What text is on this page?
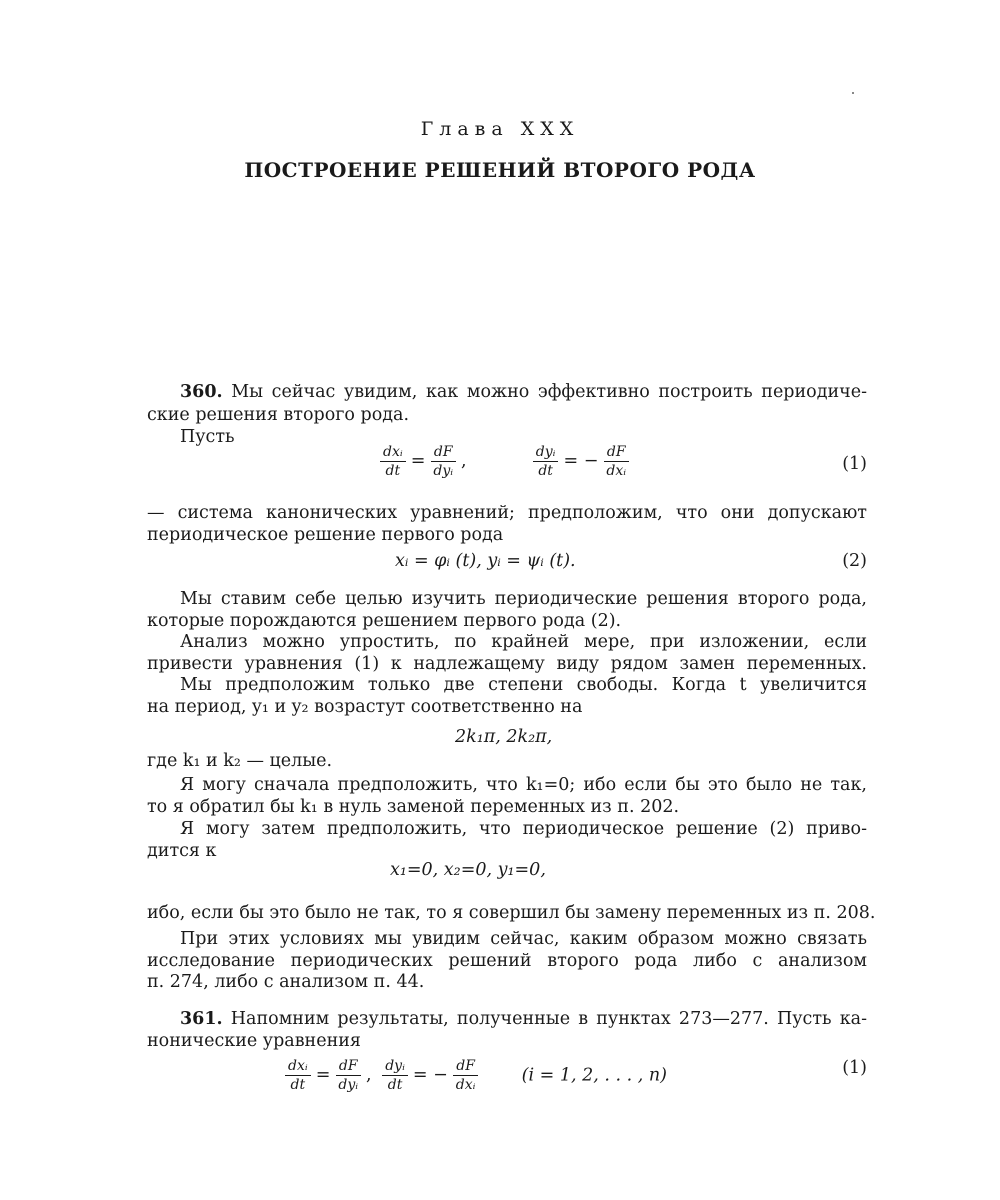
Глава XXX
ПОСТРОЕНИЕ РЕШЕНИЙ ВТОРОГО РОДА
360. Мы сейчас увидим, как можно эффективно построить периодиче-
ские решения второго рода.
Пусть
$\frac{\text{dxᵢ}}{dt} = \frac{dF}{\text{dyᵢ}}$ ,	$\frac{\text{dyᵢ}}{dt}$ = − $\frac{dF}{\text{dxᵢ}}$	(1)
— система канонических уравнений; предположим, что они допускают
периодическое решение первого рода
xᵢ = φᵢ (t), yᵢ = ψᵢ (t).	(2)
Мы ставим себе целью изучить периодические решения второго рода,
которые порождаются решением первого рода (2).
Анализ можно упростить, по крайней мере, при изложении, если
привести уравнения (1) к надлежащему виду рядом замен переменных.
Мы предположим только две степени свободы. Когда t увеличится
на период, y₁ и y₂ возрастут соответственно на
2k₁π, 2k₂π,
где k₁ и k₂ — целые.
Я могу сначала предположить, что k₁=0; ибо если бы это было не так,
то я обратил бы k₁ в нуль заменой переменных из п. 202.
Я могу затем предположить, что периодическое решение (2) приво-
дится к
x₁=0, x₂=0, y₁=0,
ибо, если бы это было не так, то я совершил бы замену переменных из п. 208.
При этих условиях мы увидим сейчас, каким образом можно связать
исследование периодических решений второго рода либо с анализом
п. 274, либо с анализом п. 44.
361. Напомним результаты, полученные в пунктах 273—277. Пусть ка-
нонические уравнения
$\frac{\text{dxᵢ}}{dt} = \frac{dF}{\text{dyᵢ}}$ , $\frac{\text{dyᵢ}}{dt}$ = − $\frac{dF}{\text{dxᵢ}} (i = 1$, 2, . . . , n)	(1)
